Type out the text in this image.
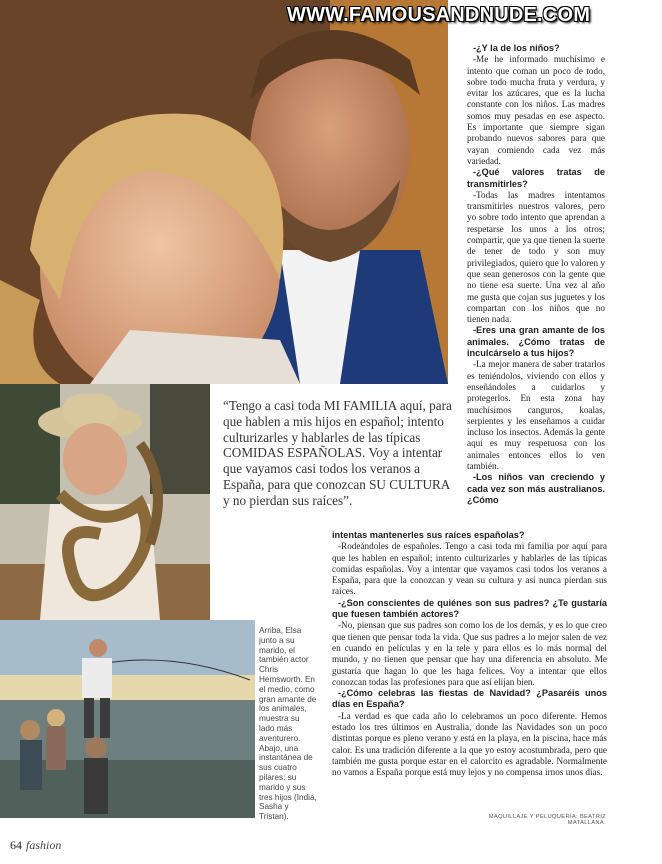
WWW.FAMOUSANDNUDE.COM
“Tengo a casi toda MI FAMILIA aquí, para que hablen a mis hijos en español; intento culturizarles y hablarles de las típicas COMIDAS ESPAÑOLAS. Voy a intentar que vayamos casi todos los veranos a España, para que conozcan SU CULTURA y no pierdan sus raíces”.
Arriba, Elsa junto a su marido, el también actor Chris Hemsworth. En el medio, como gran amante de los animales, muestra su lado más aventurero. Abajo, una instantánea de sus cuatro pilares: su marido y sus tres hijos (India, Sasha y Tristan).

-¿Y la de los niños?

-Me he informado muchísimo e intento que coman un poco de todo, sobre todo mucha fruta y verdura, y evitar los azúcares, que es la lucha constante con los niños. Las madres somos muy pesadas en ese aspecto. Es importante que siempre sigan probando nuevos sabores para que vayan comiendo cada vez más variedad.

-¿Qué valores tratas de transmitirles?

-Todas las madres intentamos transmitirles nuestros valores, pero yo sobre todo intento que aprendan a respetarse los unos a los otros; compartir, que ya que tienen la suerte de tener de todo y son muy privilegiados, quiero que lo valoren y que sean generosos con la gente que no tiene esa suerte. Una vez al año me gusta que cojan sus juguetes y los compartan con los niños que no tienen nada.

-Eres una gran amante de los animales. ¿Cómo tratas de inculcárselo a tus hijos?

-La mejor manera de saber tratarlos es teniéndolos, viviendo con ellos y enseñándoles a cuidarlos y protegerlos. En esta zona hay muchísimos canguros, koalas, serpientes y les enseñamos a cuidar incluso los insectos. Además la gente aquí es muy respetuosa con los animales entonces ellos lo ven también.

-Los niños van creciendo y cada vez son más australianos. ¿Cómo

intentas mantenerles sus raíces españolas?

-Rodeándoles de españoles. Tengo a casi toda mi familia por aquí para que les hablen en español; intento culturizarles y hablarles de las típicas comidas españolas. Voy a intentar que vayamos casi todos los veranos a España, para que la conozcan y vean su cultura y así nunca pierdan sus raíces.

-¿Son conscientes de quiénes son sus padres? ¿Te gustaría que fuesen también actores?

-No, piensan que sus padres son como los de los demás, y es lo que creo que tienen que pensar toda la vida. Que sus padres a lo mejor salen de vez en cuando en películas y en la tele y para ellos es lo más normal del mundo, y no tienen que pensar que hay una diferencia en absoluto. Me gustaría que hagan lo que les haga felices. Voy a intentar que ellos conozcan todas las profesiones para que así elijan bien.

-¿Cómo celebras las fiestas de Navidad? ¿Pasaréis unos días en España?

-La verdad es que cada año lo celebramos un poco diferente. Hemos estado los tres últimos en Australia, donde las Navidades son un poco distintas porque es pleno verano y está en la playa, en la piscina, hace más calor. Es una tradición diferente a la que yo estoy acostumbrada, pero que también me gusta porque estar en el calorcito es agradable. Normalmente no vamos a España porque está muy lejos y no compensa irnos unos días.

MAQUILLAJE Y PELUQUERÍA: BEATRIZ MATALLANA.
64 fashion
